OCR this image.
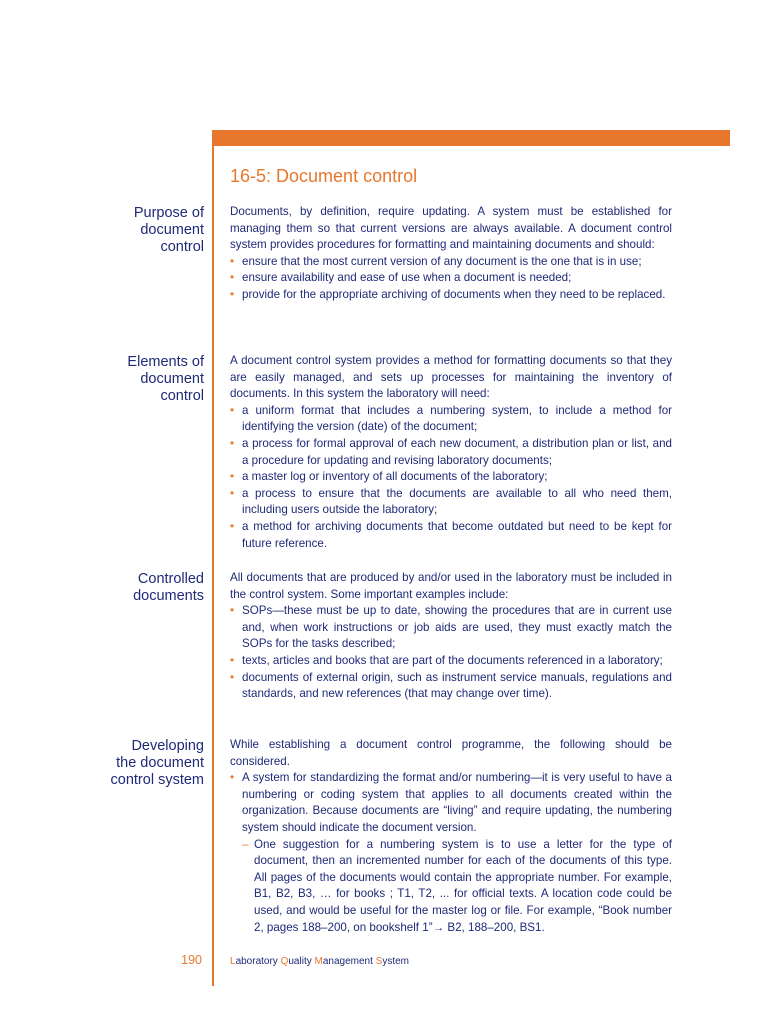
16-5: Document control
Purpose of
document
control

Documents, by definition, require updating. A system must be established for managing them so that current versions are always available. A document control system provides procedures for formatting and maintaining documents and should:

• ensure that the most current version of any document is the one that is in use;
• ensure availability and ease of use when a document is needed;
• provide for the appropriate archiving of documents when they need to be replaced.
Elements of
document
control

A document control system provides a method for formatting documents so that they are easily managed, and sets up processes for maintaining the inventory of documents. In this system the laboratory will need:

• a uniform format that includes a numbering system, to include a method for identifying the version (date) of the document;
• a process for formal approval of each new document, a distribution plan or list, and a procedure for updating and revising laboratory documents;
• a master log or inventory of all documents of the laboratory;
• a process to ensure that the documents are available to all who need them, including users outside the laboratory;
• a method for archiving documents that become outdated but need to be kept for future reference.
Controlled
documents

All documents that are produced by and/or used in the laboratory must be included in the control system. Some important examples include:

• SOPs—these must be up to date, showing the procedures that are in current use and, when work instructions or job aids are used, they must exactly match the SOPs for the tasks described;
• texts, articles and books that are part of the documents referenced in a laboratory;
• documents of external origin, such as instrument service manuals, regulations and standards, and new references (that may change over time).
Developing
the document
control system

While establishing a document control programme, the following should be considered.

• A system for standardizing the format and/or numbering—it is very useful to have a numbering or coding system that applies to all documents created within the organization. Because documents are “living” and require updating, the numbering system should indicate the document version.
– One suggestion for a numbering system is to use a letter for the type of document, then an incremented number for each of the documents of this type. All pages of the documents would contain the appropriate number. For example, B1, B2, B3, … for books ; T1, T2, ... for official texts. A location code could be used, and would be useful for the master log or file. For example, “Book number 2, pages 188–200, on bookshelf 1”→ B2, 188–200, BS1.
190	Laboratory Quality Management System
